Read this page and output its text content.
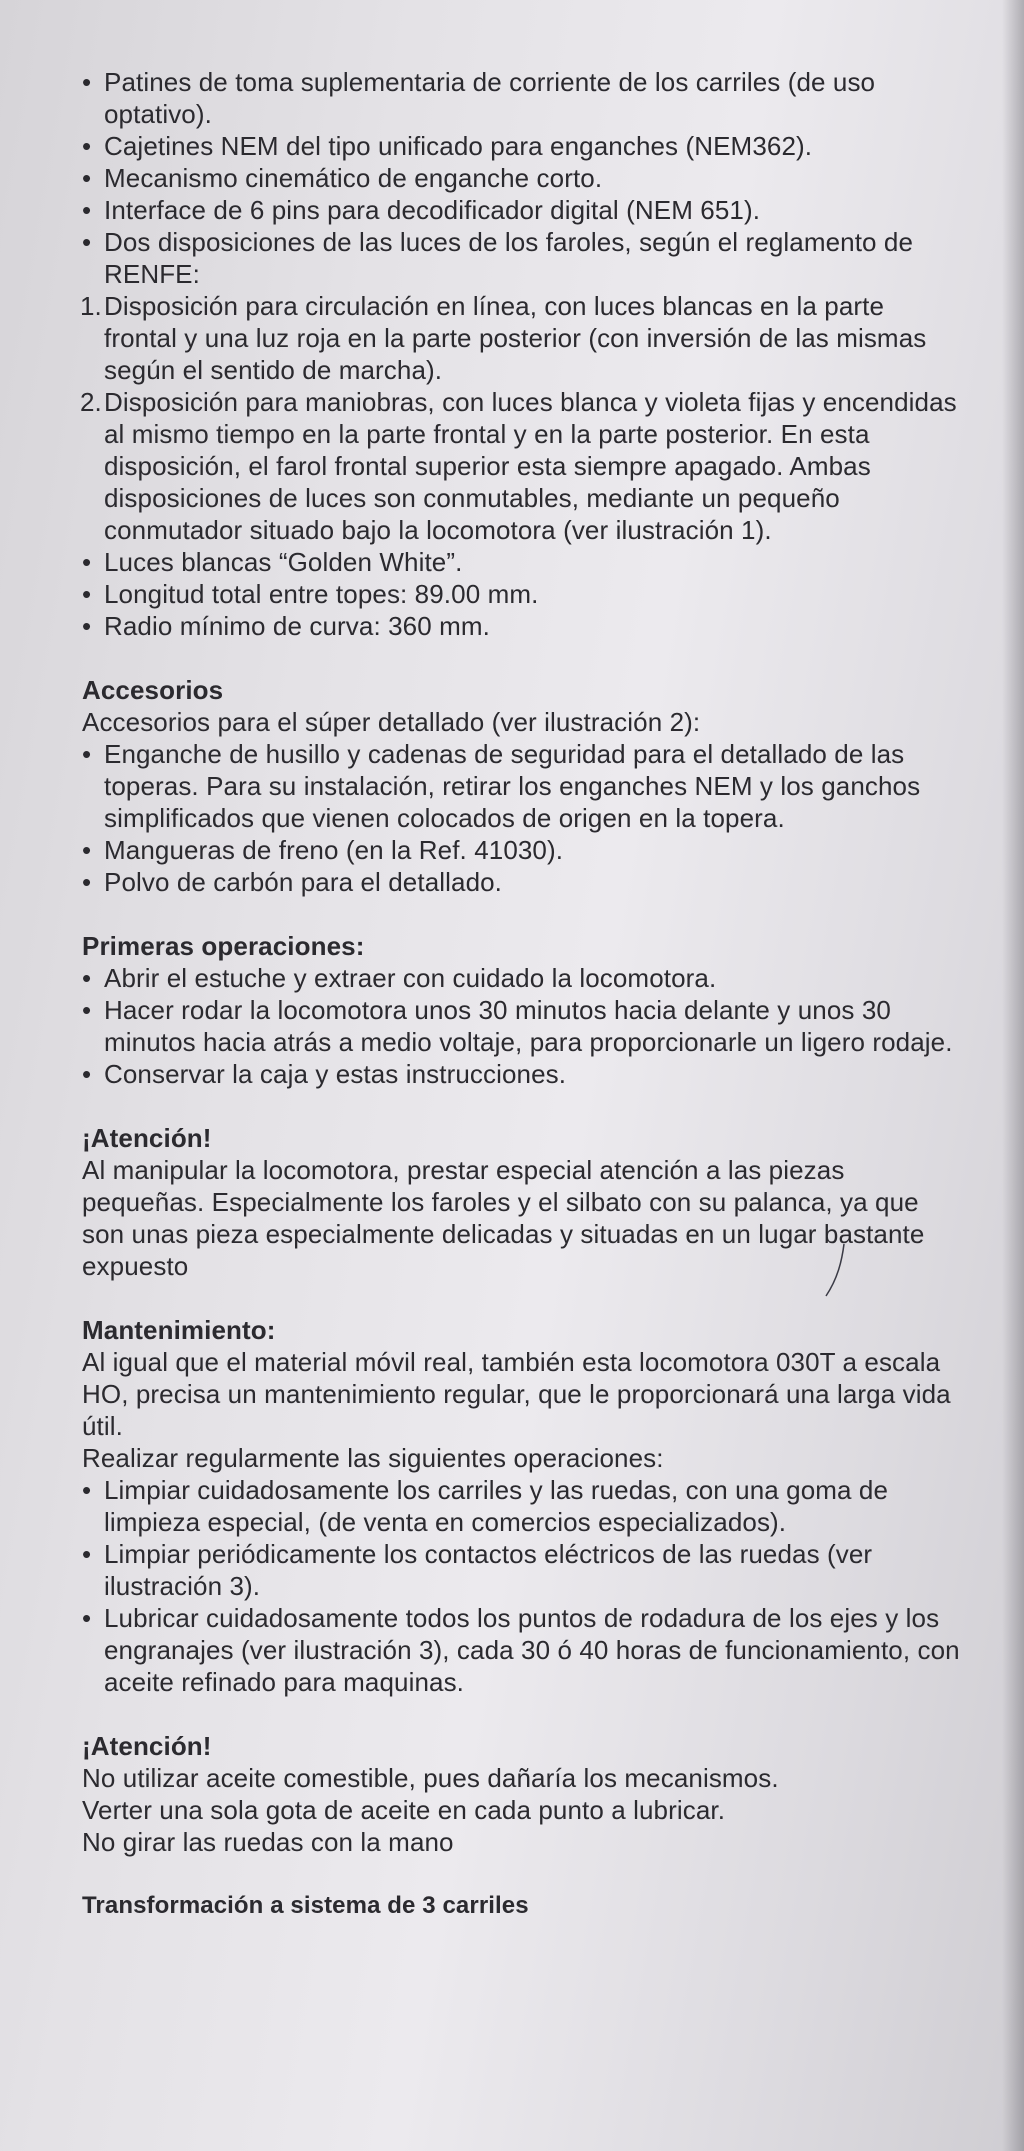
• Patines de toma suplementaria de corriente de los carriles (de uso optativo).
• Cajetines NEM del tipo unificado para enganches (NEM362).
• Mecanismo cinemático de enganche corto.
• Interface de 6 pins para decodificador digital (NEM 651).
• Dos disposiciones de las luces de los faroles, según el reglamento de RENFE:
1. Disposición para circulación en línea, con luces blancas en la parte frontal y una luz roja en la parte posterior (con inversión de las mismas según el sentido de marcha).
2. Disposición para maniobras, con luces blanca y violeta fijas y encendidas al mismo tiempo en la parte frontal y en la parte posterior. En esta disposición, el farol frontal superior esta siempre apagado. Ambas disposiciones de luces son conmutables, mediante un pequeño conmutador situado bajo la locomotora (ver ilustración 1).
• Luces blancas “Golden White”.
• Longitud total entre topes: 89.00 mm.
• Radio mínimo de curva: 360 mm.
Accesorios
Accesorios para el súper detallado (ver ilustración 2):
• Enganche de husillo y cadenas de seguridad para el detallado de las toperas. Para su instalación, retirar los enganches NEM y los ganchos simplificados que vienen colocados de origen en la topera.
• Mangueras de freno (en la Ref. 41030).
• Polvo de carbón para el detallado.
Primeras operaciones:
• Abrir el estuche y extraer con cuidado la locomotora.
• Hacer rodar la locomotora unos 30 minutos hacia delante y unos 30 minutos hacia atrás a medio voltaje, para proporcionarle un ligero rodaje.
• Conservar la caja y estas instrucciones.
¡Atención!
Al manipular la locomotora, prestar especial atención a las piezas pequeñas. Especialmente los faroles y el silbato con su palanca, ya que son unas pieza especialmente delicadas y situadas en un lugar bastante expuesto
Mantenimiento:
Al igual que el material móvil real, también esta locomotora 030T a escala HO, precisa un mantenimiento regular, que le proporcionará una larga vida útil.
Realizar regularmente las siguientes operaciones:
• Limpiar cuidadosamente los carriles y las ruedas, con una goma de limpieza especial, (de venta en comercios especializados).
• Limpiar periódicamente los contactos eléctricos de las ruedas (ver ilustración 3).
• Lubricar cuidadosamente todos los puntos de rodadura de los ejes y los engranajes (ver ilustración 3), cada 30 ó 40 horas de funcionamiento, con aceite refinado para maquinas.
¡Atención!
No utilizar aceite comestible, pues dañaría los mecanismos.
Verter una sola gota de aceite en cada punto a lubricar.
No girar las ruedas con la mano
Transformación a sistema de 3 carriles
